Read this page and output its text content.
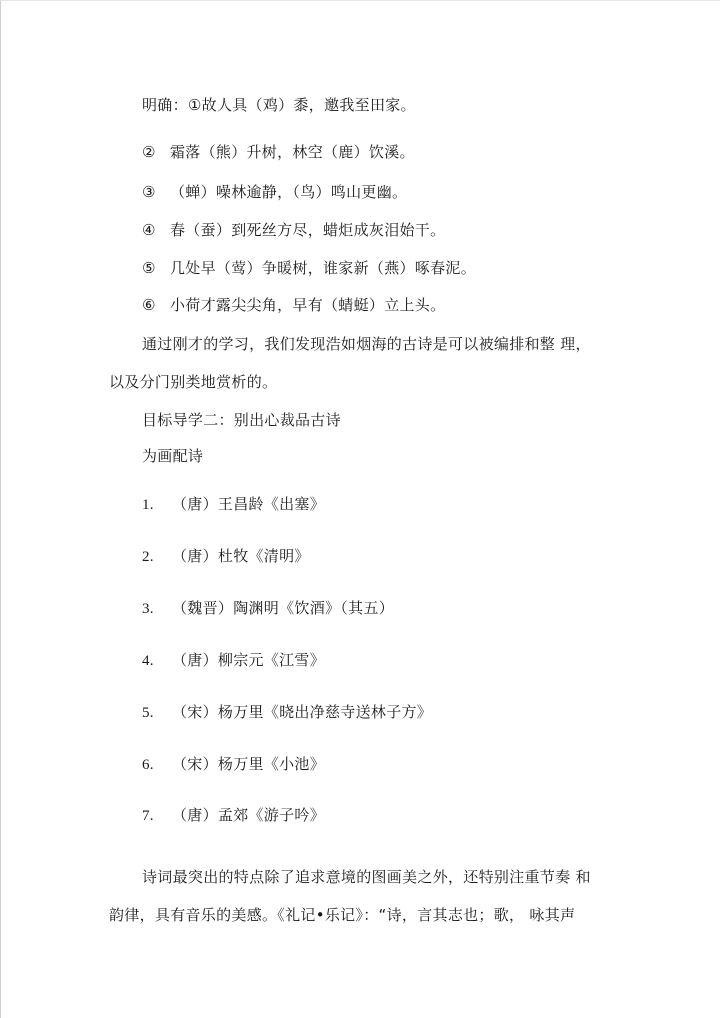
明确：①故人具（鸡）黍，邀我至田家。
② 霜落（熊）升树，林空（鹿）饮溪。
③ （蝉）噪林逾静，（鸟）鸣山更幽。
④ 春（蚕）到死丝方尽，蜡炬成灰泪始干。
⑤ 几处早（莺）争暖树，谁家新（燕）啄春泥。
⑥ 小荷才露尖尖角，早有（蜻蜓）立上头。
通过刚才的学习，我们发现浩如烟海的古诗是可以被编排和整 理，
以及分门别类地赏析的。
目标导学二：别出心裁品古诗
为画配诗
1. （唐）王昌龄《出塞》
2. （唐）杜牧《清明》
3. （魏晋）陶渊明《饮酒》（其五）
4. （唐）柳宗元《江雪》
5. （宋）杨万里《晓出净慈寺送林子方》
6. （宋）杨万里《小池》
7. （唐）孟郊《游子吟》
诗词最突出的特点除了追求意境的图画美之外，还特别注重节奏 和
韵律，具有音乐的美感。《礼记•乐记》：“诗，言其志也；歌， 咏其声
